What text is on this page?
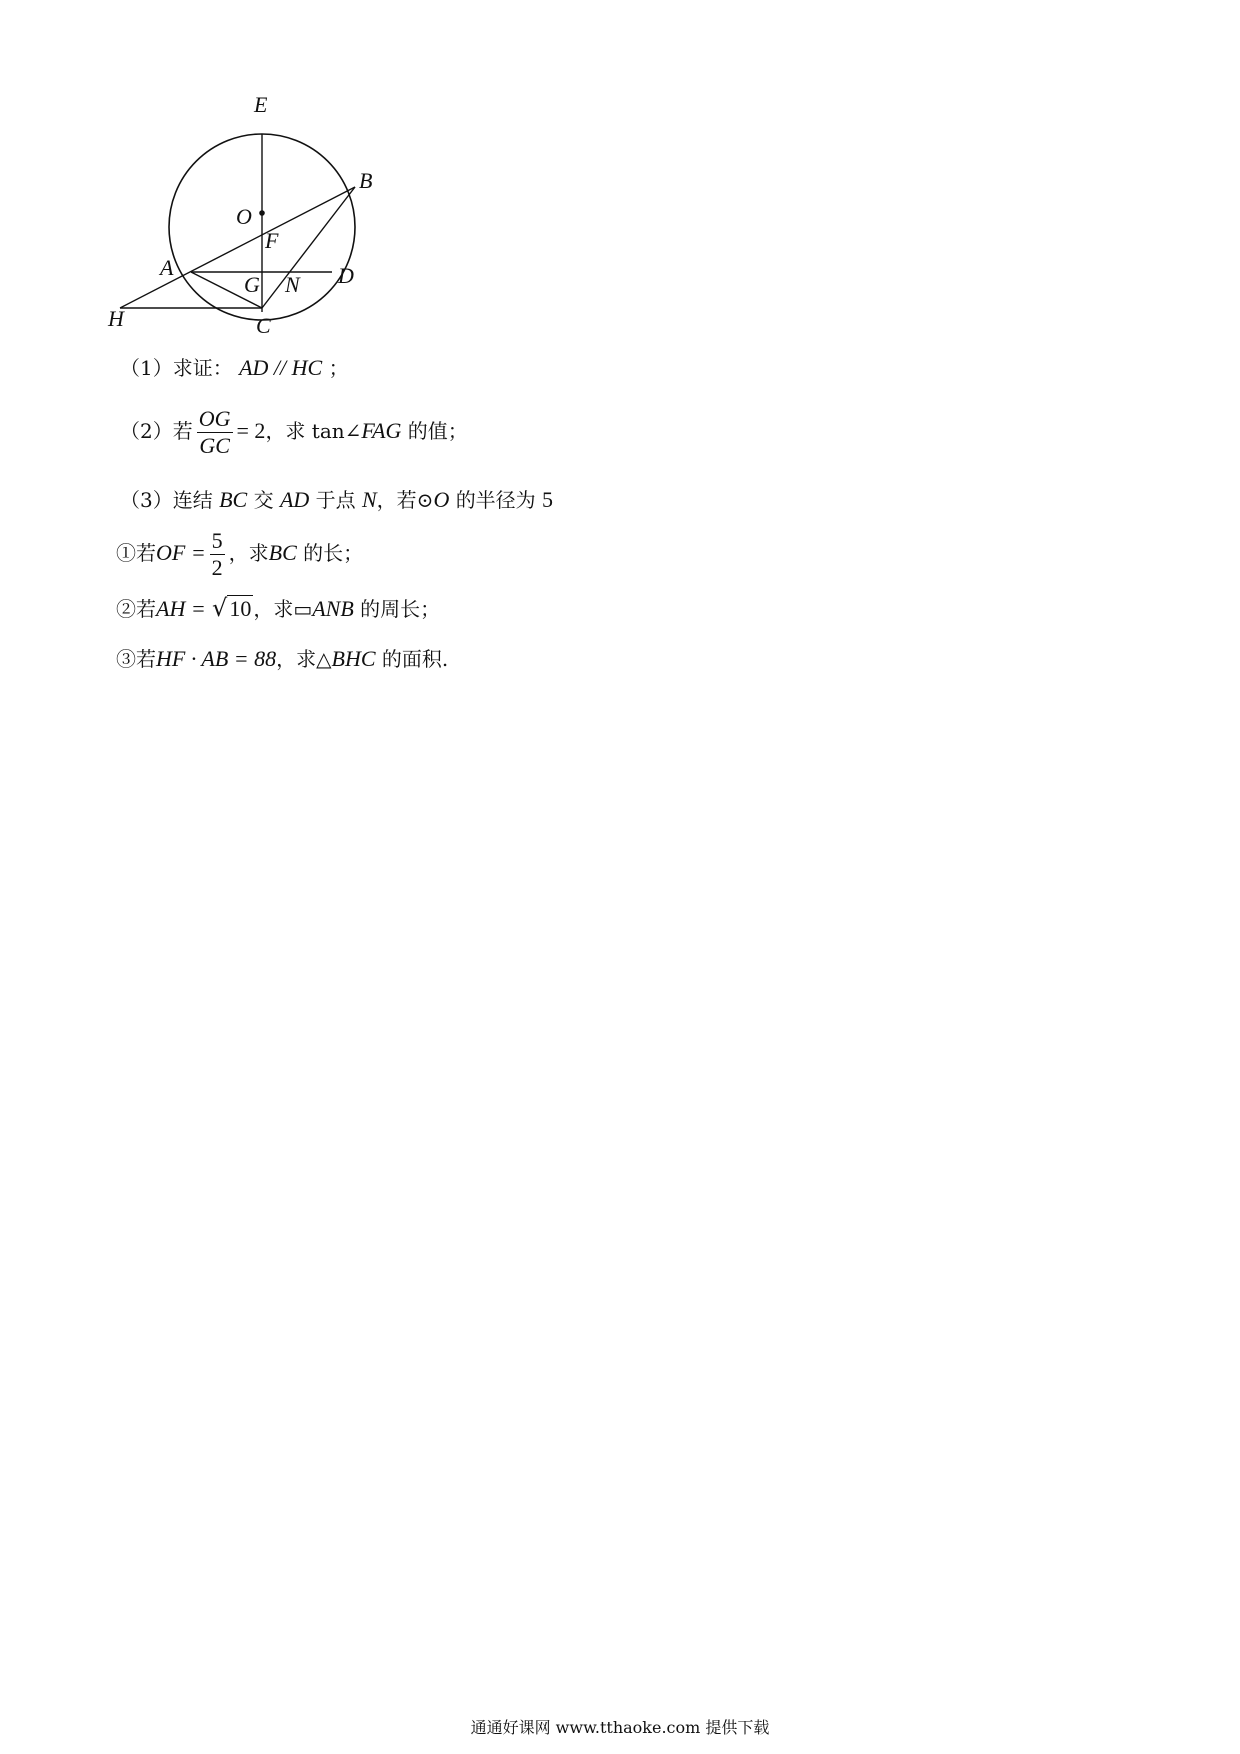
E
B
O
F
A	D
G N
H	C
（1）求证： AD // HC ；
（2）若 $\frac{OG}{GC} = 2$，求 tan∠FAG 的值；
（3）连结 BC 交 AD 于点 N，若⊙O 的半径为 5
①若OF = $\frac{5}{2}$ ，求BC 的长；
②若AH = √10 ，求▭ANB 的周长；
③若HF · AB = 88，求△BHC 的面积.
通通好课网 www.tthaoke.com 提供下载
